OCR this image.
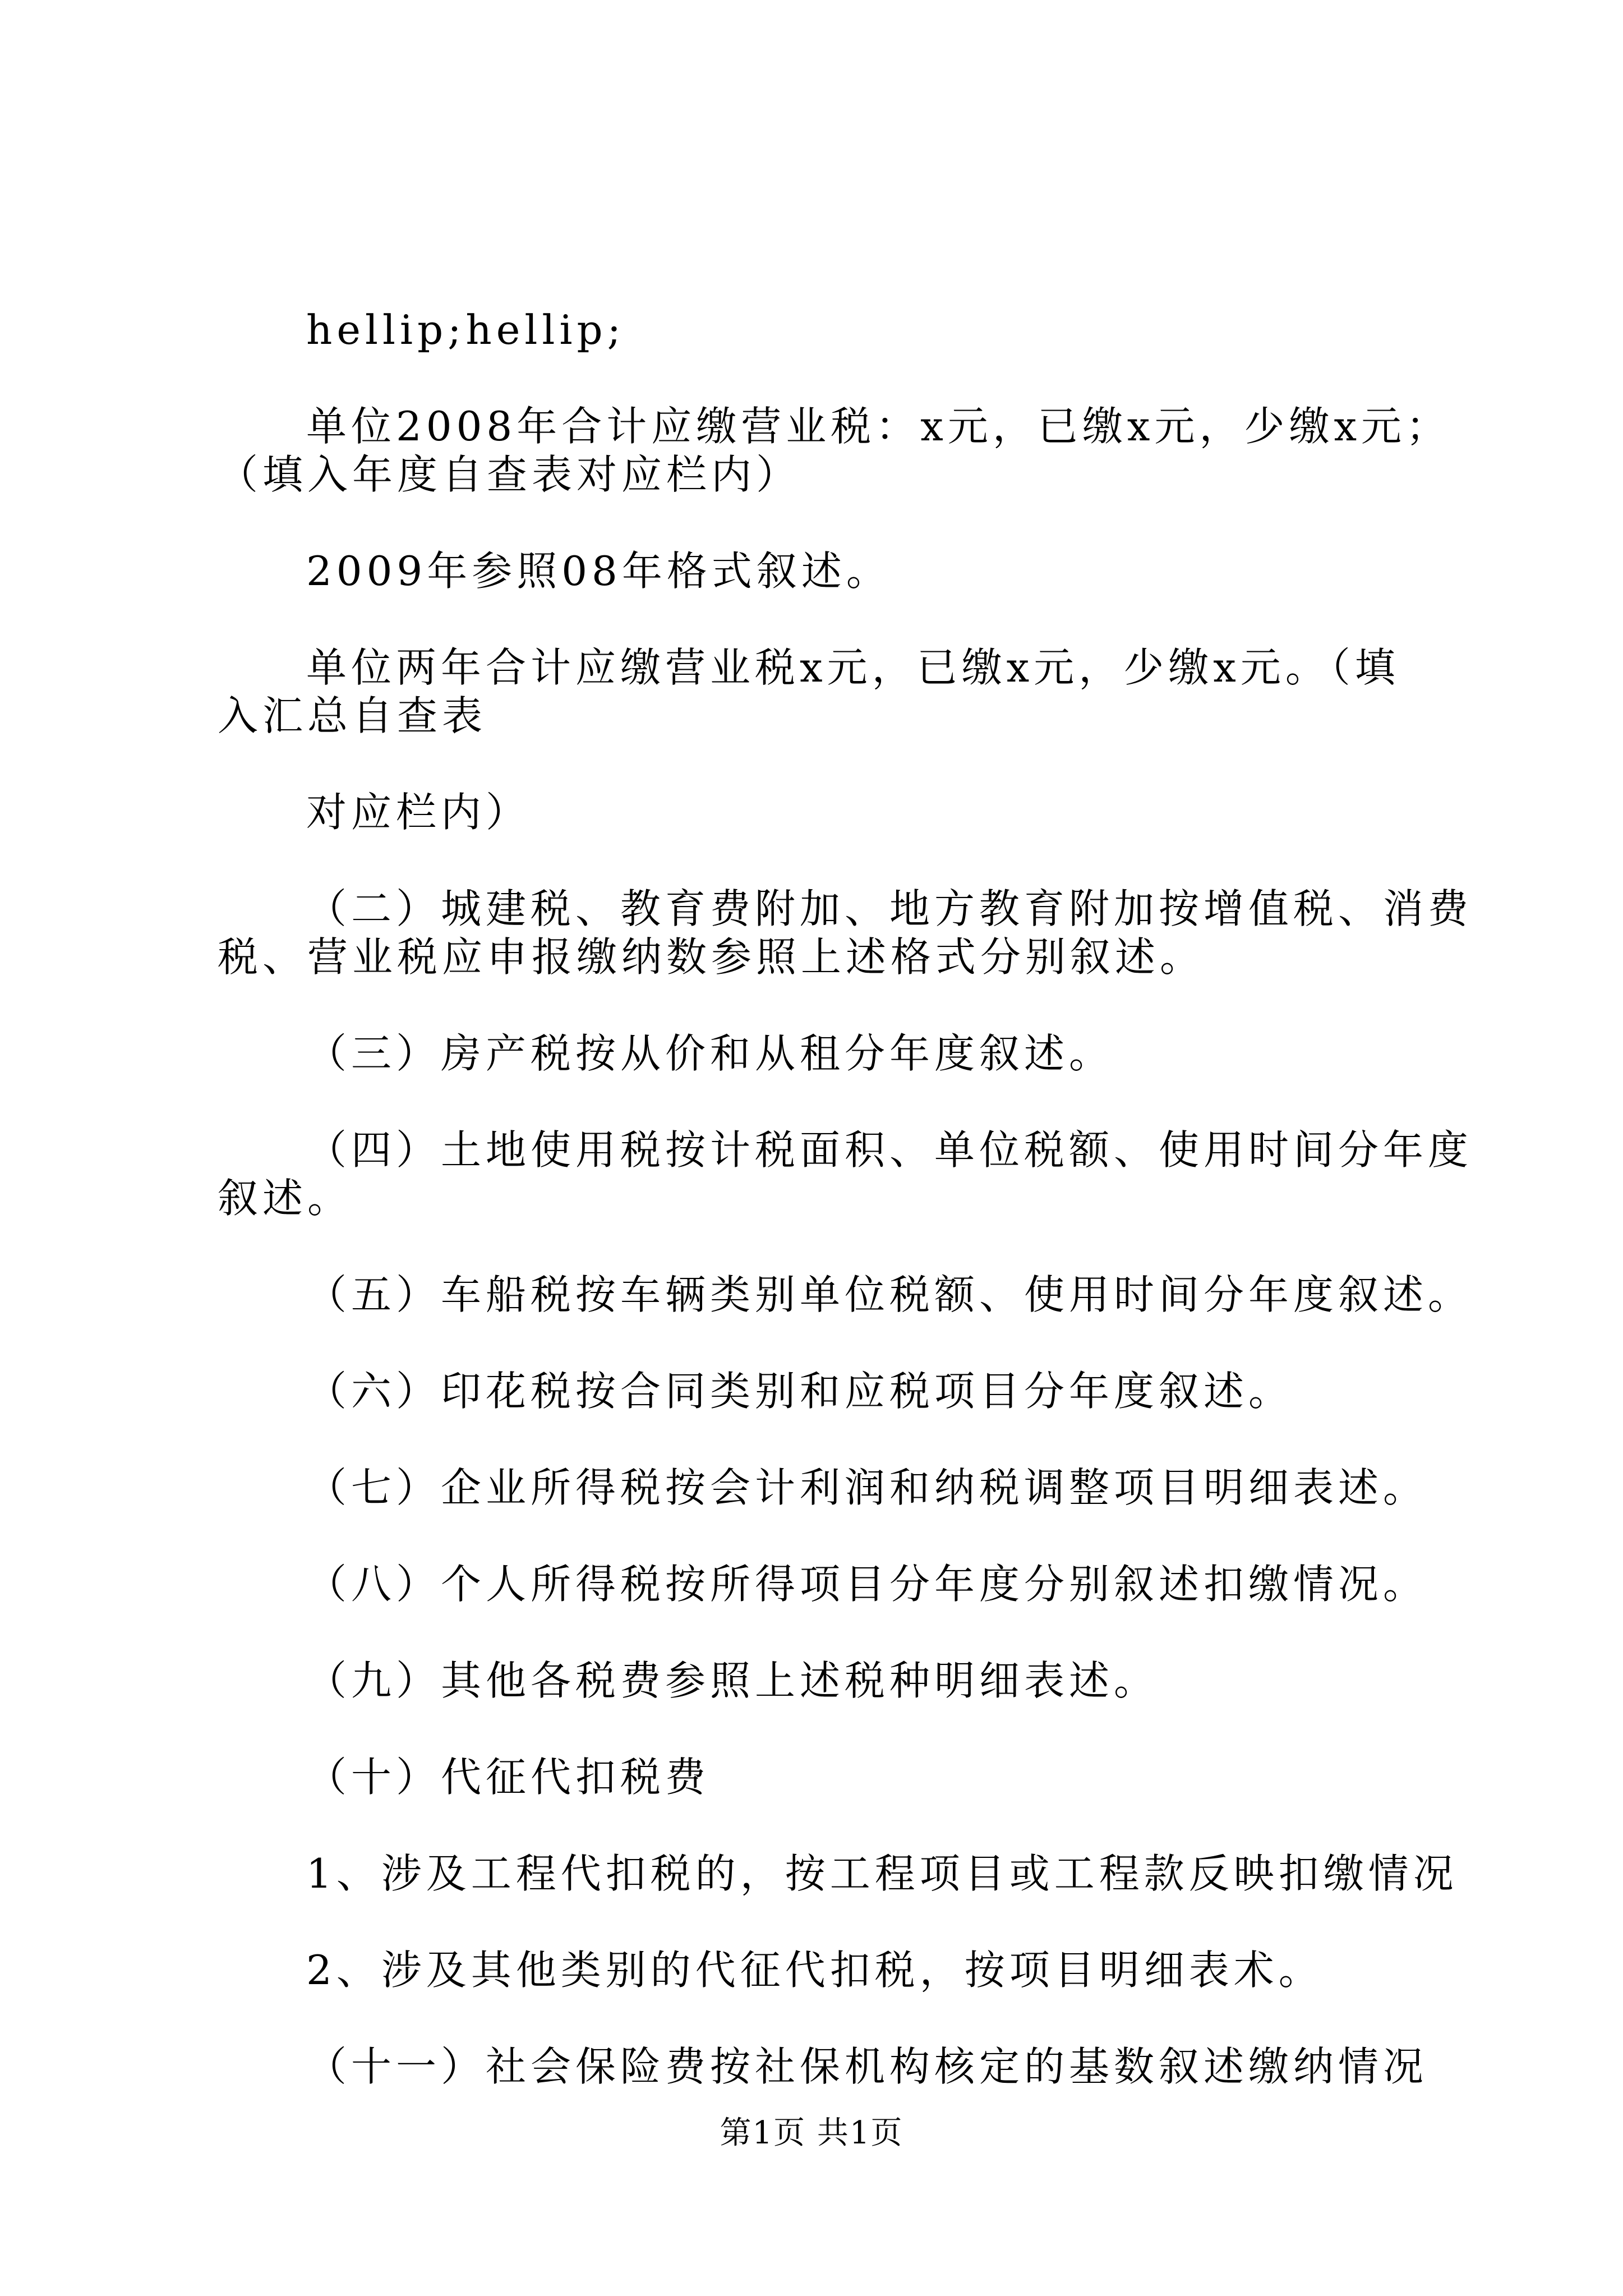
hellip;hellip;

单位2008年合计应缴营业税：x元，已缴x元，少缴x元；

（填入年度自查表对应栏内）

2009年参照08年格式叙述。

单位两年合计应缴营业税x元，已缴x元，少缴x元。（填

入汇总自查表

对应栏内）

（二）城建税、教育费附加、地方教育附加按增值税、消费

税、营业税应申报缴纳数参照上述格式分别叙述。

（三）房产税按从价和从租分年度叙述。

（四）土地使用税按计税面积、单位税额、使用时间分年度

叙述。

（五）车船税按车辆类别单位税额、使用时间分年度叙述。

（六）印花税按合同类别和应税项目分年度叙述。

（七）企业所得税按会计利润和纳税调整项目明细表述。

（八）个人所得税按所得项目分年度分别叙述扣缴情况。

（九）其他各税费参照上述税种明细表述。

（十）代征代扣税费

1、涉及工程代扣税的，按工程项目或工程款反映扣缴情况

2、涉及其他类别的代征代扣税，按项目明细表术。

（十一）社会保险费按社保机构核定的基数叙述缴纳情况

第1页 共1页
